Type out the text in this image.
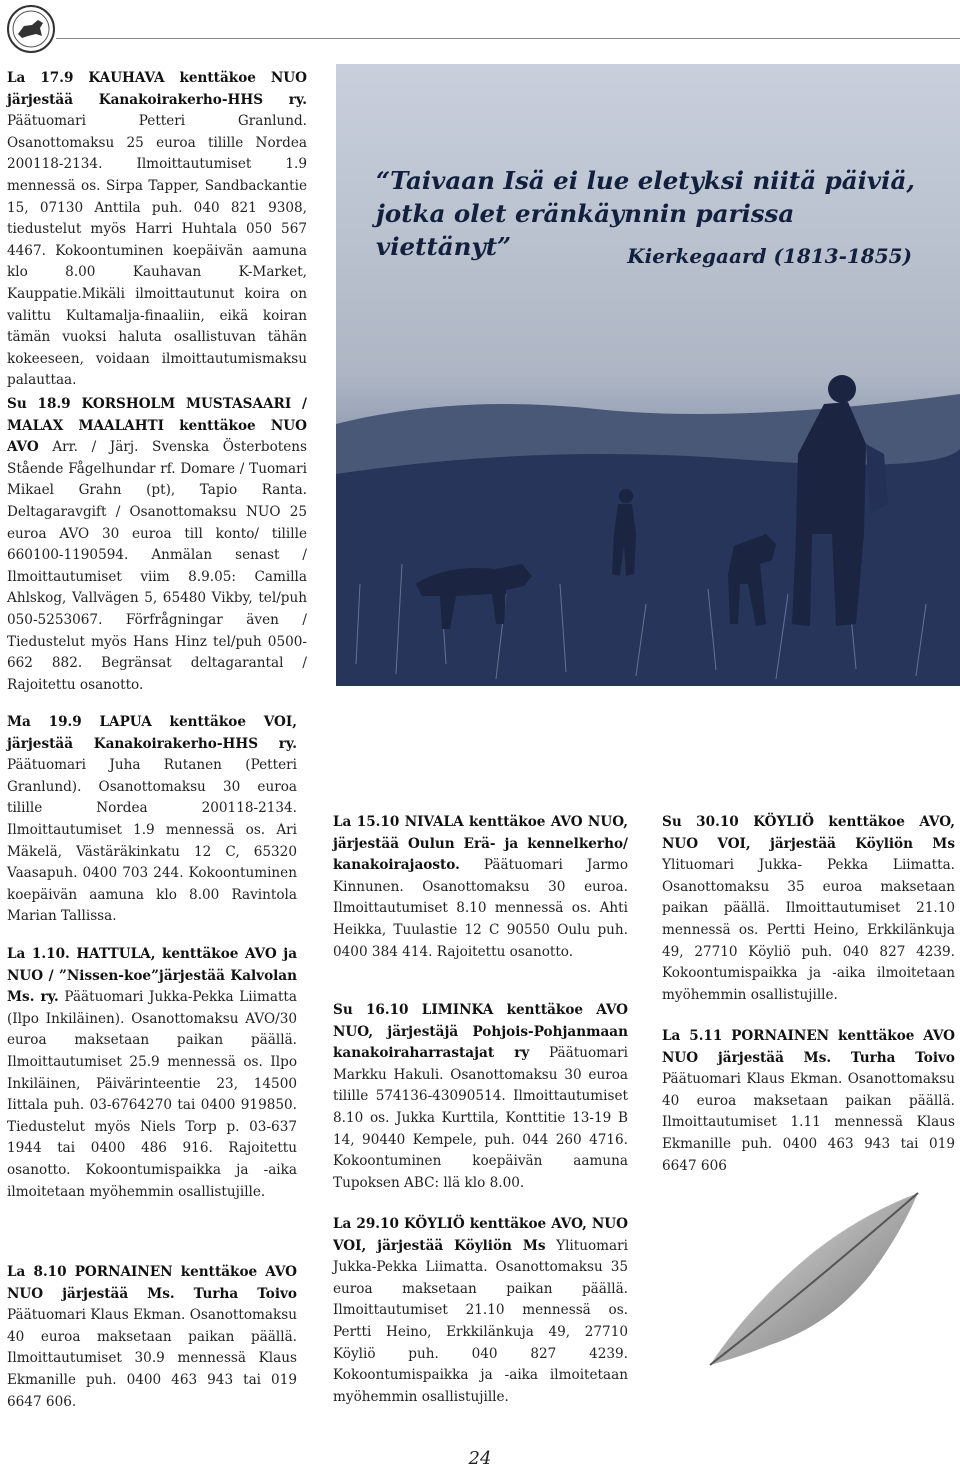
La 17.9 KAUHAVA kenttäkoe NUO järjestää Kanakoirakerho-HHS ry. Päätuomari Petteri Granlund. Osanottomaksu 25 euroa tilille Nordea 200118-2134. Ilmoittautumiset 1.9 mennessä os. Sirpa Tapper, Sandbackantie 15, 07130 Anttila puh. 040 821 9308, tiedustelut myös Harri Huhtala 050 567 4467. Kokoontuminen koepäivän aamuna klo 8.00 Kauhavan K-Market, Kauppatie.Mikäli ilmoittautunut koira on valittu Kultamalja-finaaliin, eikä koiran tämän vuoksi haluta osallistuvan tähän kokeeseen, voidaan ilmoittautumismaksu palauttaa.
Su 18.9 KORSHOLM MUSTASAARI / MALAX MAALAHTI kenttäkoe NUO AVO Arr. / Järj. Svenska Österbotens Stående Fågelhundar rf. Domare / Tuomari Mikael Grahn (pt), Tapio Ranta. Deltagaravgift / Osanottomaksu NUO 25 euroa AVO 30 euroa till konto/ tilille 660100-1190594. Anmälan senast / Ilmoittautumiset viim 8.9.05: Camilla Ahlskog, Vallvägen 5, 65480 Vikby, tel/puh 050-5253067. Förfrågningar även / Tiedustelut myös Hans Hinz tel/puh 0500-662 882. Begränsat deltagarantal / Rajoitettu osanotto.
Ma 19.9 LAPUA kenttäkoe VOI, järjestää Kanakoirakerho-HHS ry. Päätuomari Juha Rutanen (Petteri Granlund). Osanottomaksu 30 euroa tilille Nordea 200118-2134. Ilmoittautumiset 1.9 mennessä os. Ari Mäkelä, Västäräkinkatu 12 C, 65320 Vaasapuh. 0400 703 244. Kokoontuminen koepäivän aamuna klo 8.00 Ravintola Marian Tallissa.
La 1.10. HATTULA, kenttäkoe AVO ja NUO / ”Nissen-koe”järjestää Kalvolan Ms. ry. Päätuomari Jukka-Pekka Liimatta (Ilpo Inkiläinen). Osanottomaksu AVO/30 euroa maksetaan paikan päällä. Ilmoittautumiset 25.9 mennessä os. Ilpo Inkiläinen, Päivärinteentie 23, 14500 Iittala puh. 03-6764270 tai 0400 919850. Tiedustelut myös Niels Torp p. 03-637 1944 tai 0400 486 916. Rajoitettu osanotto. Kokoontumispaikka ja -aika ilmoitetaan myöhemmin osallistujille.
La 8.10 PORNAINEN kenttäkoe AVO NUO järjestää Ms. Turha Toivo Päätuomari Klaus Ekman. Osanottomaksu 40 euroa maksetaan paikan päällä. Ilmoittautumiset 30.9 mennessä Klaus Ekmanille puh. 0400 463 943 tai 019 6647 606.
“Taivaan Isä ei lue eletyksi niitä päiviä,
jotka olet eränkäynnin parissa viettänyt”	Kierkegaard (1813-1855)
La 15.10 NIVALA kenttäkoe AVO NUO, järjestää Oulun Erä- ja kennelkerho/ kanakoirajaosto. Päätuomari Jarmo Kinnunen. Osanottomaksu 30 euroa. Ilmoittautumiset 8.10 mennessä os. Ahti Heikka, Tuulastie 12 C 90550 Oulu puh. 0400 384 414. Rajoitettu osanotto.
Su 16.10 LIMINKA kenttäkoe AVO NUO, järjestäjä Pohjois-Pohjanmaan kanakoiraharrastajat ry Päätuomari Markku Hakuli. Osanottomaksu 30 euroa tilille 574136-43090514. Ilmoittautumiset 8.10 os. Jukka Kurttila, Konttitie 13-19 B 14, 90440 Kempele, puh. 044 260 4716. Kokoontuminen koepäivän aamuna Tupoksen ABC: llä klo 8.00.
La 29.10 KÖYLIÖ kenttäkoe AVO, NUO VOI, järjestää Köyliön Ms Ylituomari Jukka-Pekka Liimatta. Osanottomaksu 35 euroa maksetaan paikan päällä. Ilmoittautumiset 21.10 mennessä os. Pertti Heino, Erkkilänkuja 49, 27710 Köyliö puh. 040 827 4239. Kokoontumispaikka ja -aika ilmoitetaan myöhemmin osallistujille.
Su 30.10 KÖYLIÖ kenttäkoe AVO, NUO VOI, järjestää Köyliön Ms Ylituomari Jukka- Pekka Liimatta. Osanottomaksu 35 euroa maksetaan paikan päällä. Ilmoittautumiset 21.10 mennessä os. Pertti Heino, Erkkilänkuja 49, 27710 Köyliö puh. 040 827 4239. Kokoontumispaikka ja -aika ilmoitetaan myöhemmin osallistujille.
La 5.11 PORNAINEN kenttäkoe AVO NUO järjestää Ms. Turha Toivo Päätuomari Klaus Ekman. Osanottomaksu 40 euroa maksetaan paikan päällä. Ilmoittautumiset 1.11 mennessä Klaus Ekmanille puh. 0400 463 943 tai 019 6647 606
24
